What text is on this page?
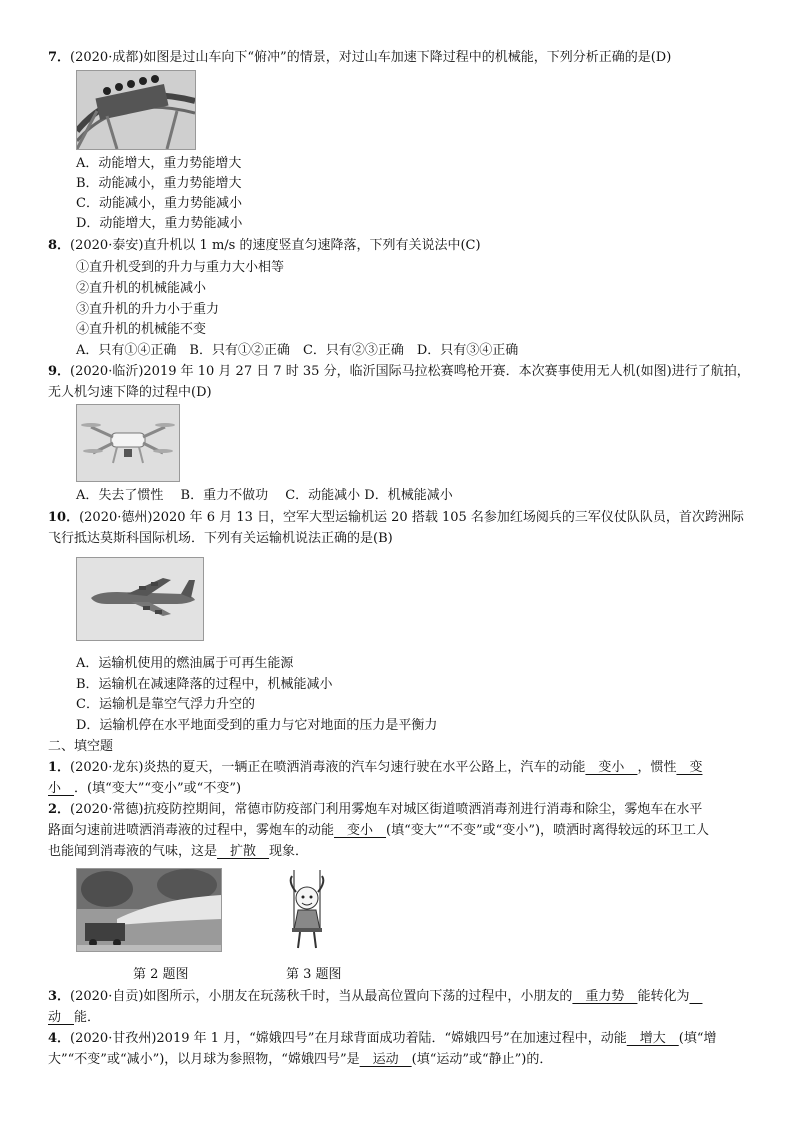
7．(2020·成都)如图是过山车向下“俯冲”的情景，对过山车加速下降过程中的机械能，下列分析正确的是(D)
A．动能增大，重力势能增大
B．动能减小，重力势能增大
C．动能减小，重力势能减小
D．动能增大，重力势能减小
8．(2020·泰安)直升机以 1 m/s 的速度竖直匀速降落，下列有关说法中(C)
①直升机受到的升力与重力大小相等
②直升机的机械能减小
③直升机的升力小于重力
④直升机的机械能不变
A．只有①④正确　B．只有①②正确　C．只有②③正确　D．只有③④正确
9．(2020·临沂)2019 年 10 月 27 日 7 时 35 分，临沂国际马拉松赛鸣枪开赛．本次赛事使用无人机(如图)进行了航拍，
无人机匀速下降的过程中(D)
A．失去了惯性　 B．重力不做功　 C．动能减小 D．机械能减小
10．(2020·德州)2020 年 6 月 13 日，空军大型运输机运 20 搭载 105 名参加红场阅兵的三军仪仗队队员，首次跨洲际
飞行抵达莫斯科国际机场．下列有关运输机说法正确的是(B)
A．运输机使用的燃油属于可再生能源
B．运输机在减速降落的过程中，机械能减小
C．运输机是靠空气浮力升空的
D．运输机停在水平地面受到的重力与它对地面的压力是平衡力
二、填空题
1．(2020·龙东)炎热的夏天，一辆正在喷洒消毒液的汽车匀速行驶在水平公路上，汽车的动能　变小　，惯性　变
小　．(填“变大”“变小”或“不变”)
2．(2020·常德)抗疫防控期间，常德市防疫部门利用雾炮车对城区街道喷洒消毒剂进行消毒和除尘，雾炮车在水平
路面匀速前进喷洒消毒液的过程中，雾炮车的动能　变小　(填“变大”“不变”或“变小”)，喷洒时离得较远的环卫工人
也能闻到消毒液的气味，这是　扩散　现象．
第 2 题图	第 3 题图
3．(2020·自贡)如图所示，小朋友在玩荡秋千时，当从最高位置向下荡的过程中，小朋友的　重力势　能转化为　
动　能．
4．(2020·甘孜州)2019 年 1 月，“嫦娥四号”在月球背面成功着陆．“嫦娥四号”在加速过程中，动能　增大　(填“增
大”“不变”或“减小”)，以月球为参照物，“嫦娥四号”是　运动　(填“运动”或“静止”)的．
